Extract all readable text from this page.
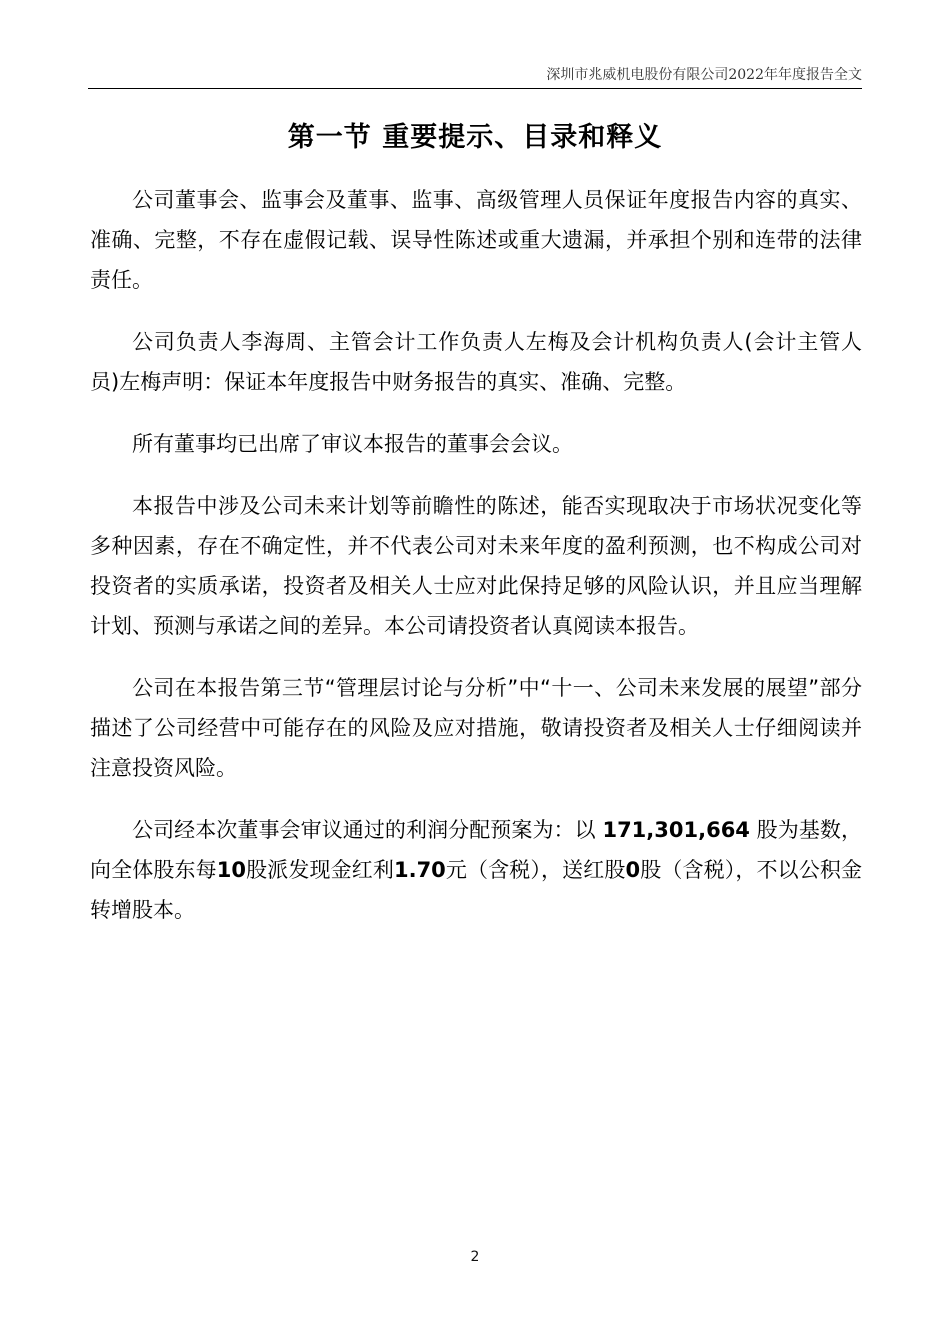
深圳市兆威机电股份有限公司2022年年度报告全文
第一节 重要提示、目录和释义

公司董事会、监事会及董事、监事、高级管理人员保证年度报告内容的真实、准确、完整，不存在虚假记载、误导性陈述或重大遗漏，并承担个别和连带的法律责任。

公司负责人李海周、主管会计工作负责人左梅及会计机构负责人(会计主管人员)左梅声明：保证本年度报告中财务报告的真实、准确、完整。

所有董事均已出席了审议本报告的董事会会议。

本报告中涉及公司未来计划等前瞻性的陈述，能否实现取决于市场状况变化等多种因素，存在不确定性，并不代表公司对未来年度的盈利预测，也不构成公司对投资者的实质承诺，投资者及相关人士应对此保持足够的风险认识，并且应当理解计划、预测与承诺之间的差异。本公司请投资者认真阅读本报告。

公司在本报告第三节“管理层讨论与分析”中“十一、公司未来发展的展望”部分描述了公司经营中可能存在的风险及应对措施，敬请投资者及相关人士仔细阅读并注意投资风险。

公司经本次董事会审议通过的利润分配预案为：以 171,301,664 股为基数，向全体股东每10股派发现金红利1.70元（含税），送红股0股（含税），不以公积金转增股本。

2
